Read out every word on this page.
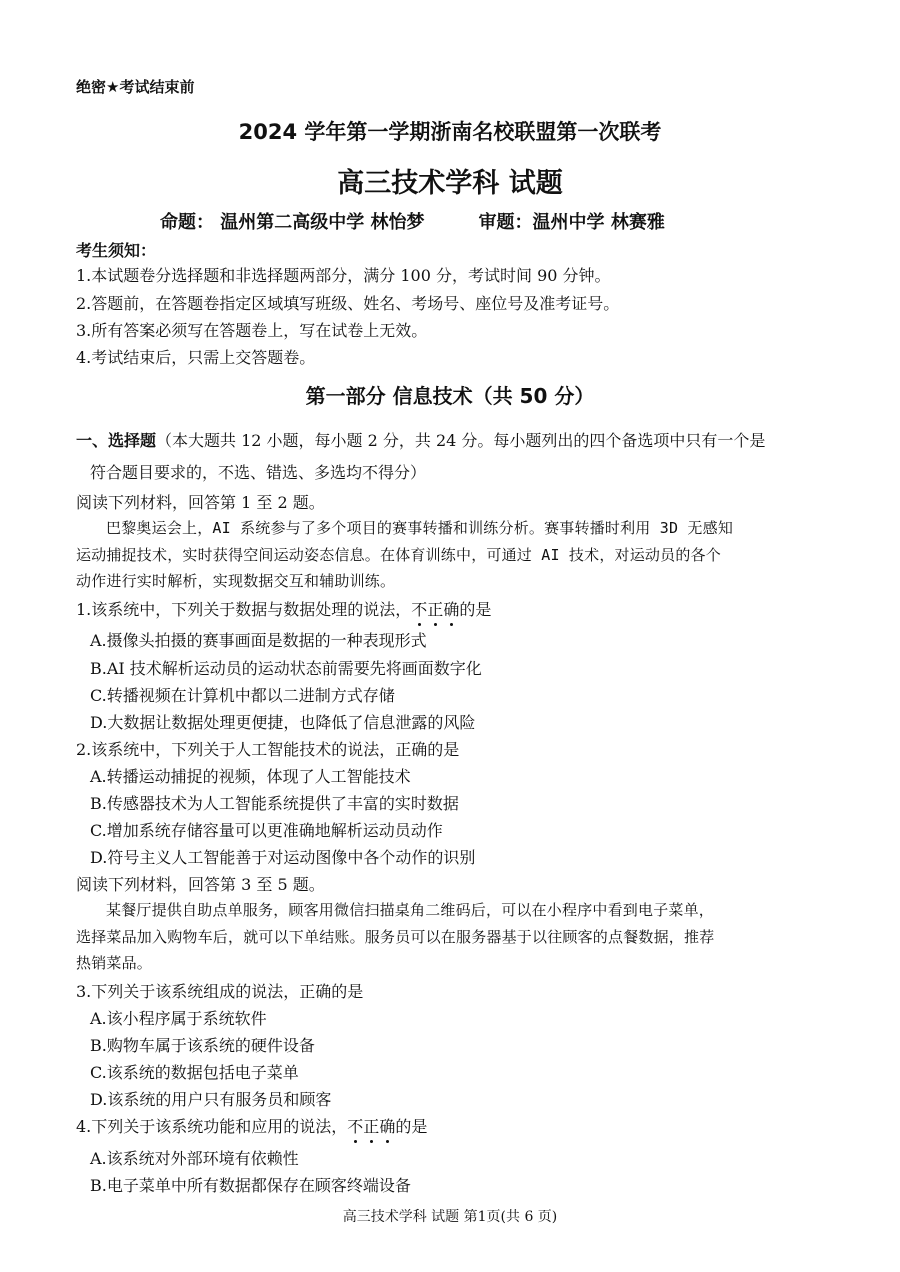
绝密★考试结束前
2024 学年第一学期浙南名校联盟第一次联考
高三技术学科 试题
命题： 温州第二高级中学 林怡梦	审题：温州中学 林赛雅
考生须知：
1.本试题卷分选择题和非选择题两部分，满分 100 分，考试时间 90 分钟。
2.答题前，在答题卷指定区域填写班级、姓名、考场号、座位号及准考证号。
3.所有答案必须写在答题卷上，写在试卷上无效。
4.考试结束后，只需上交答题卷。
第一部分 信息技术（共 50 分）
一、选择题（本大题共 12 小题，每小题 2 分，共 24 分。每小题列出的四个备选项中只有一个是
符合题目要求的，不选、错选、多选均不得分）
阅读下列材料，回答第 1 至 2 题。
巴黎奥运会上，AI 系统参与了多个项目的赛事转播和训练分析。赛事转播时利用 3D 无感知
运动捕捉技术，实时获得空间运动姿态信息。在体育训练中，可通过 AI 技术，对运动员的各个
动作进行实时解析，实现数据交互和辅助训练。
1.该系统中，下列关于数据与数据处理的说法，不正确的是
A.摄像头拍摄的赛事画面是数据的一种表现形式
B.AI 技术解析运动员的运动状态前需要先将画面数字化
C.转播视频在计算机中都以二进制方式存储
D.大数据让数据处理更便捷，也降低了信息泄露的风险
2.该系统中，下列关于人工智能技术的说法，正确的是
A.转播运动捕捉的视频，体现了人工智能技术
B.传感器技术为人工智能系统提供了丰富的实时数据
C.增加系统存储容量可以更准确地解析运动员动作
D.符号主义人工智能善于对运动图像中各个动作的识别
阅读下列材料，回答第 3 至 5 题。
某餐厅提供自助点单服务，顾客用微信扫描桌角二维码后，可以在小程序中看到电子菜单，
选择菜品加入购物车后，就可以下单结账。服务员可以在服务器基于以往顾客的点餐数据，推荐
热销菜品。
3.下列关于该系统组成的说法，正确的是
A.该小程序属于系统软件
B.购物车属于该系统的硬件设备
C.该系统的数据包括电子菜单
D.该系统的用户只有服务员和顾客
4.下列关于该系统功能和应用的说法，不正确的是
A.该系统对外部环境有依赖性
B.电子菜单中所有数据都保存在顾客终端设备
高三技术学科 试题 第1页(共 6 页)
